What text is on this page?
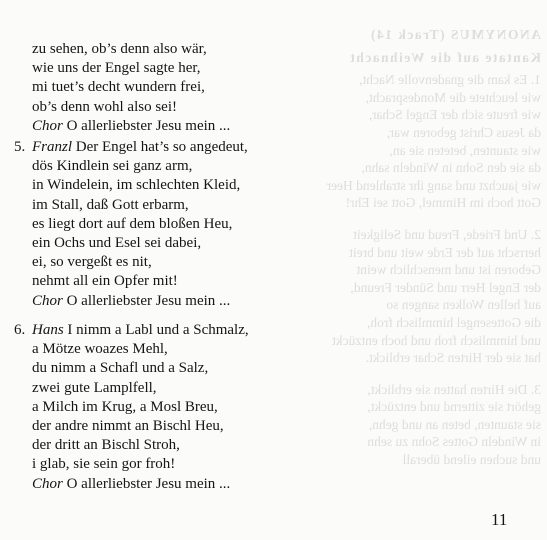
ANONYMUS (Track 14)
Kantate auf die Weihnacht
1. Es kam die gnadenvolle Nacht,
wie leuchtete die Mondespracht,
wie freute sich der Engel Schar,
da Jesus Christ geboren war,
wie staunten, beteten sie an,
da sie den Sohn in Windeln sahn,
wie jauchzt und sang ihr strahlend Heer
Gott hoch im Himmel, Gott sei Ehr!
2. Und Friede, Freud und Seligkeit
herrscht auf der Erde weit und breit
Geboren ist und menschlich weint
der Engel Herr und Sünder Freund,
auf hellen Wolken sangen so
die Gottesengel himmlisch froh,
und himmlisch froh und hoch entzückt
hat sie der Hirten Schar erblickt.
3. Die Hirten hatten sie erblickt,
gehört sie zitternd und entzückt,
sie staunten, beten an und gehn,
in Windeln Gottes Sohn zu sehn
und suchen eilend überall
zu sehen, ob’s denn also wär,
wie uns der Engel sagte her,
mi tuet’s decht wundern frei,
ob’s denn wohl also sei!
Chor O allerliebster Jesu mein ...
5. Franzl Der Engel hat’s so angedeut,
dös Kindlein sei ganz arm,
in Windelein, im schlechten Kleid,
im Stall, daß Gott erbarm,
es liegt dort auf dem bloßen Heu,
ein Ochs und Esel sei dabei,
ei, so vergeßt es nit,
nehmt all ein Opfer mit!
Chor O allerliebster Jesu mein ...
6. Hans I nimm a Labl und a Schmalz,
a Mötze woazes Mehl,
du nimm a Schafl und a Salz,
zwei gute Lamplfell,
a Milch im Krug, a Mosl Breu,
der andre nimmt an Bischl Heu,
der dritt an Bischl Stroh,
i glab, sie sein gor froh!
Chor O allerliebster Jesu mein ...
11
